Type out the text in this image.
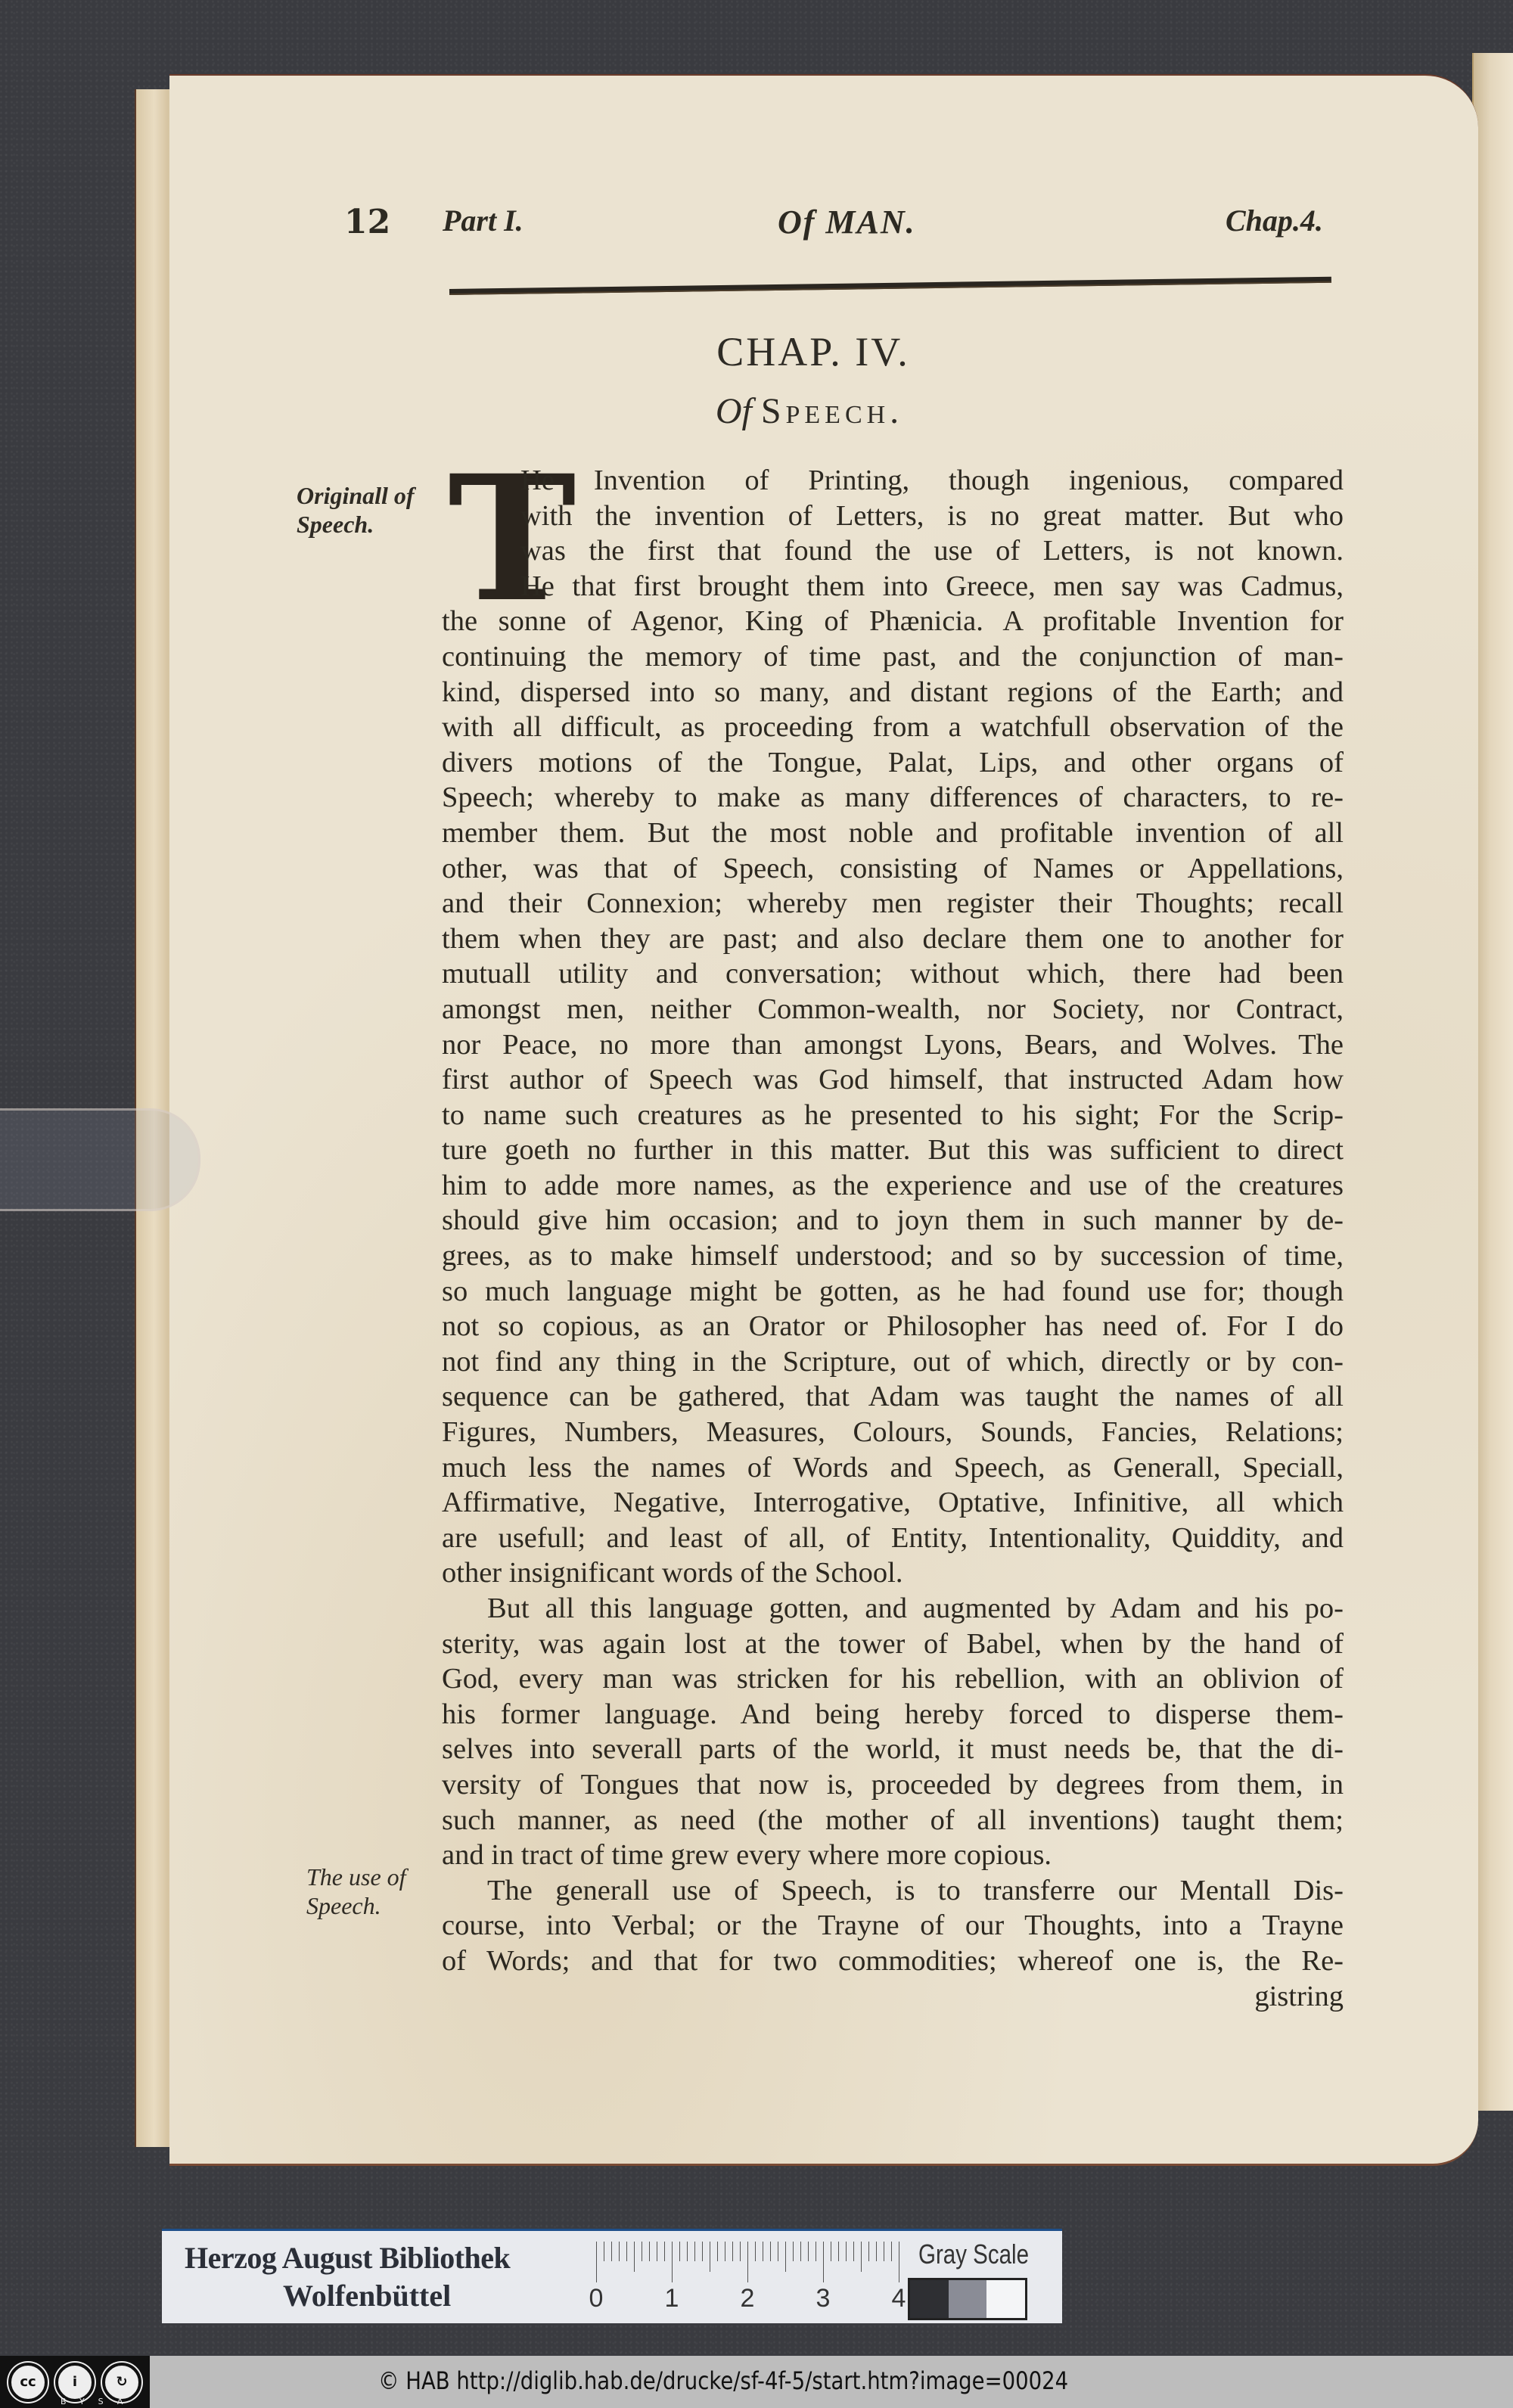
12 Part I.	Of MAN.	Chap.4.
CHAP. IV.
Of Speech.
Originall of
Speech.
The use of
Speech.
T
He Invention of Printing, though ingenious, compared
with the invention of Letters, is no great matter. But who
was the first that found the use of Letters, is not known.
He that first brought them into Greece, men say was Cadmus,
the sonne of Agenor, King of Phænicia. A profitable Invention for
continuing the memory of time past, and the conjunction of man-
kind, dispersed into so many, and distant regions of the Earth; and
with all difficult, as proceeding from a watchfull observation of the
divers motions of the Tongue, Palat, Lips, and other organs of
Speech; whereby to make as many differences of characters, to re-
member them. But the most noble and profitable invention of all
other, was that of Speech, consisting of Names or Appellations,
and their Connexion; whereby men register their Thoughts; recall
them when they are past; and also declare them one to another for
mutuall utility and conversation; without which, there had been
amongst men, neither Common-wealth, nor Society, nor Contract,
nor Peace, no more than amongst Lyons, Bears, and Wolves. The
first author of Speech was God himself, that instructed Adam how
to name such creatures as he presented to his sight; For the Scrip-
ture goeth no further in this matter. But this was sufficient to direct
him to adde more names, as the experience and use of the creatures
should give him occasion; and to joyn them in such manner by de-
grees, as to make himself understood; and so by succession of time,
so much language might be gotten, as he had found use for; though
not so copious, as an Orator or Philosopher has need of. For I do
not find any thing in the Scripture, out of which, directly or by con-
sequence can be gathered, that Adam was taught the names of all
Figures, Numbers, Measures, Colours, Sounds, Fancies, Relations;
much less the names of Words and Speech, as Generall, Speciall,
Affirmative, Negative, Interrogative, Optative, Infinitive, all which
are usefull; and least of all, of Entity, Intentionality, Quiddity, and
other insignificant words of the School.
But all this language gotten, and augmented by Adam and his po-
sterity, was again lost at the tower of Babel, when by the hand of
God, every man was stricken for his rebellion, with an oblivion of
his former language. And being hereby forced to disperse them-
selves into severall parts of the world, it must needs be, that the di-
versity of Tongues that now is, proceeded by degrees from them, in
such manner, as need (the mother of all inventions) taught them;
and in tract of time grew every where more copious.
The generall use of Speech, is to transferre our Mentall Dis-
course, into Verbal; or the Trayne of our Thoughts, into a Trayne
of Words; and that for two commodities; whereof one is, the Re-
gistring
Herzog August Bibliothek
Wolfenbüttel	0 1 2 3 4
Gray Scale
cc	i	↻
BYSA
© HAB http://diglib.hab.de/drucke/sf-4f-5/start.htm?image=00024
